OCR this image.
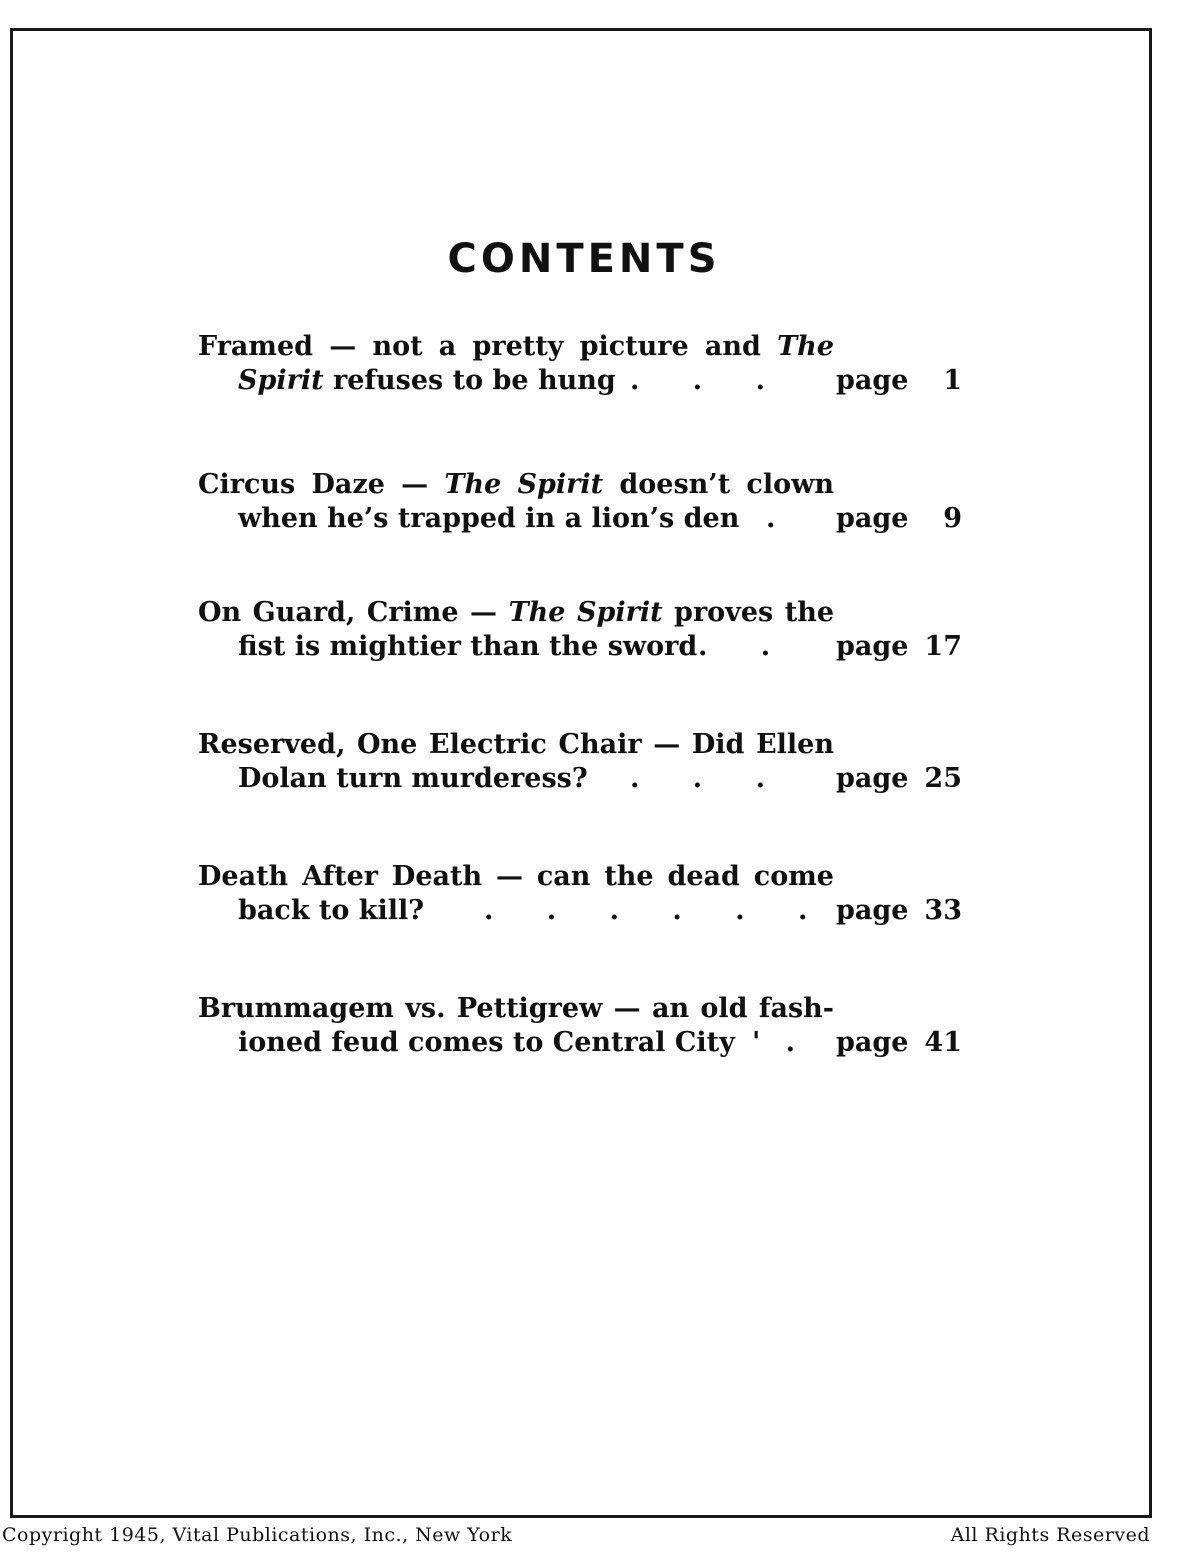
CONTENTS
Framed — not a pretty picture and The
Spirit refuses to be hung . . . page 1
Circus Daze — The Spirit doesn’t clown
when he’s trapped in a lion’s den . page 9
On Guard, Crime — The Spirit proves the
fist is mightier than the sword . . page 17
Reserved, One Electric Chair — Did Ellen
Dolan turn murderess? . . . page 25
Death After Death — can the dead come
back to kill? . . . . . . page 33
Brummagem vs. Pettigrew — an old fash-
ioned feud comes to Central City ' . page 41
Copyright 1945, Vital Publications, Inc., New York	All Rights Reserved
